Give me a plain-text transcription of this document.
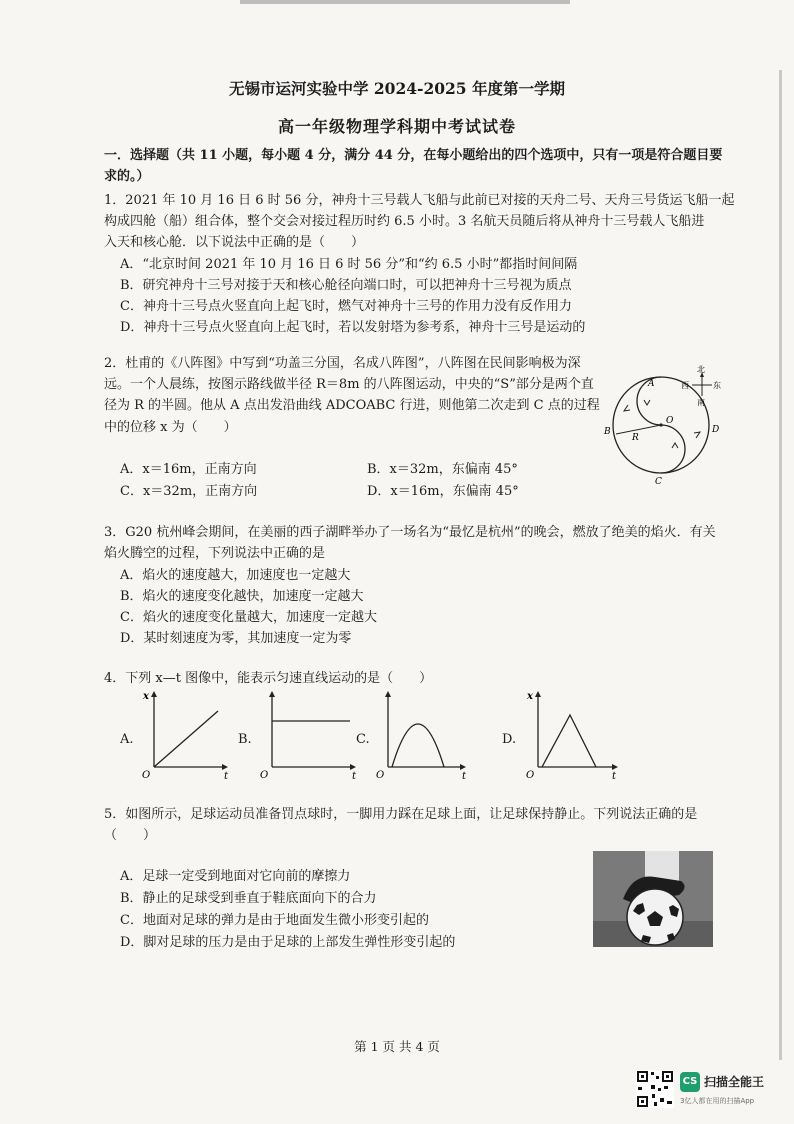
无锡市运河实验中学 2024-2025 年度第一学期
高一年级物理学科期中考试试卷
一．选择题（共 11 小题，每小题 4 分，满分 44 分，在每小题给出的四个选项中，只有一项是符合题目要
求的。）
1．2021 年 10 月 16 日 6 时 56 分，神舟十三号载人飞船与此前已对接的天舟二号、天舟三号货运飞船一起
构成四舱（船）组合体，整个交会对接过程历时约 6.5 小时。3 名航天员随后将从神舟十三号载人飞船进
入天和核心舱．以下说法中正确的是（　　）
A．“北京时间 2021 年 10 月 16 日 6 时 56 分”和“约 6.5 小时”都指时间间隔
B．研究神舟十三号对接于天和核心舱径向端口时，可以把神舟十三号视为质点
C．神舟十三号点火竖直向上起飞时，燃气对神舟十三号的作用力没有反作用力
D．神舟十三号点火竖直向上起飞时，若以发射塔为参考系，神舟十三号是运动的
2．杜甫的《八阵图》中写到“功盖三分国，名成八阵图”，八阵图在民间影响极为深
远。一个人晨练，按图示路线做半径 R＝8m 的八阵图运动，中央的“S”部分是两个直
径为 R 的半圆。他从 A 点出发沿曲线 ADCOABC 行进，则他第二次走到 C 点的过程
中的位移 x 为（　　）
A．x＝16m，正南方向	B．x＝32m，东偏南 45°
C．x＝32m，正南方向	D．x＝16m，东偏南 45°
A
B
C
D
O
R
北
南
东
西
3．G20 杭州峰会期间，在美丽的西子湖畔举办了一场名为“最忆是杭州”的晚会，燃放了绝美的焰火．有关
焰火腾空的过程，下列说法中正确的是
A．焰火的速度越大，加速度也一定越大
B．焰火的速度变化越快，加速度一定越大
C．焰火的速度变化量越大，加速度一定越大
D．某时刻速度为零，其加速度一定为零
4．下列 x—t 图像中，能表示匀速直线运动的是（　　）
A.
x
t
O
B.
t
O
C.
t
O
D.
x
t
O
5．如图所示，足球运动员准备罚点球时，一脚用力踩在足球上面，让足球保持静止。下列说法正确的是
（　　）
A．足球一定受到地面对它向前的摩擦力
B．静止的足球受到垂直于鞋底面向下的合力
C．地面对足球的弹力是由于地面发生微小形变引起的
D．脚对足球的压力是由于足球的上部发生弹性形变引起的
第 1 页 共 4 页
CS 扫描全能王
3亿人都在用的扫描App
